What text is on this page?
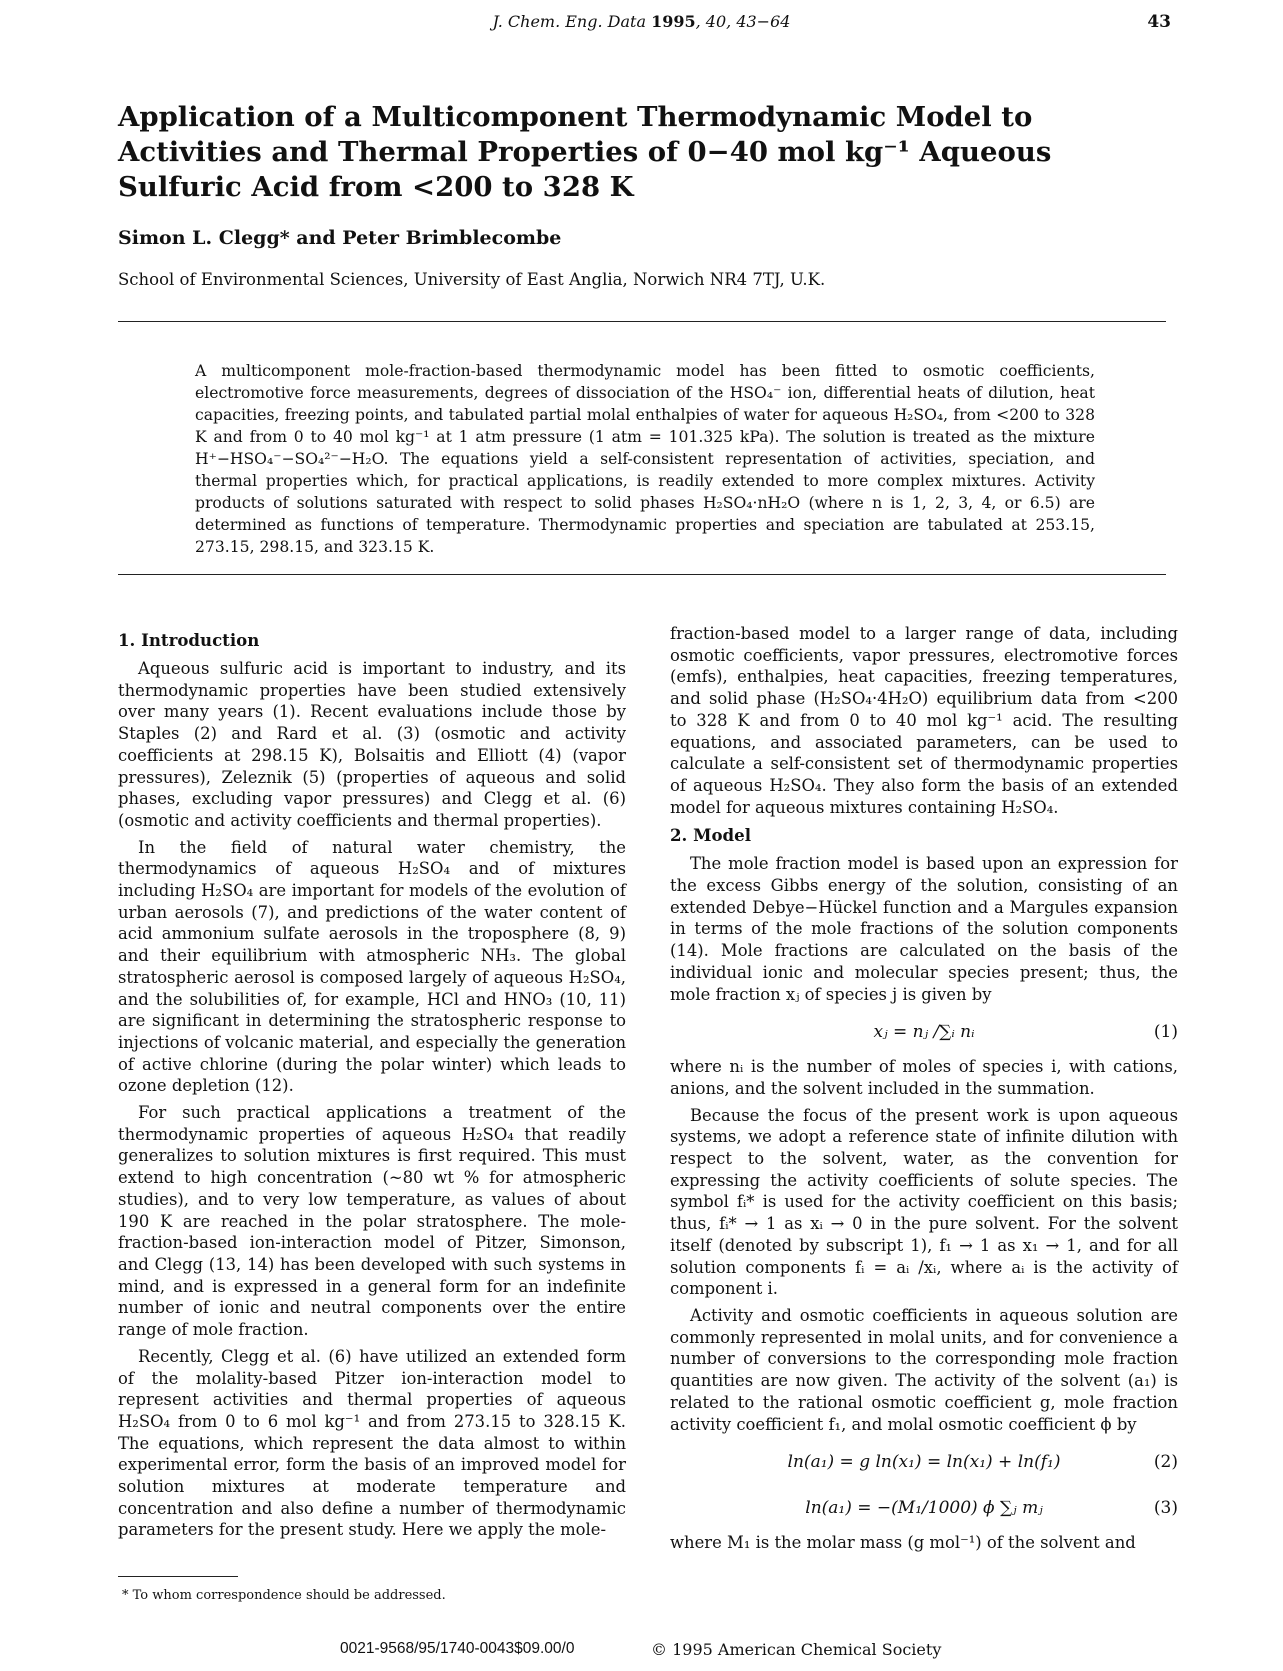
J. Chem. Eng. Data 1995, 40, 43−64	43
Application of a Multicomponent Thermodynamic Model to
Activities and Thermal Properties of 0−40 mol kg⁻¹ Aqueous
Sulfuric Acid from <200 to 328 K
Simon L. Clegg* and Peter Brimblecombe
School of Environmental Sciences, University of East Anglia, Norwich NR4 7TJ, U.K.

A multicomponent mole-fraction-based thermodynamic model has been fitted to osmotic coefficients, electromotive force measurements, degrees of dissociation of the HSO₄⁻ ion, differential heats of dilution, heat capacities, freezing points, and tabulated partial molal enthalpies of water for aqueous H₂SO₄, from <200 to 328 K and from 0 to 40 mol kg⁻¹ at 1 atm pressure (1 atm = 101.325 kPa). The solution is treated as the mixture H⁺−HSO₄⁻−SO₄²⁻−H₂O. The equations yield a self-consistent representation of activities, speciation, and thermal properties which, for practical applications, is readily extended to more complex mixtures. Activity products of solutions saturated with respect to solid phases H₂SO₄·nH₂O (where n is 1, 2, 3, 4, or 6.5) are determined as functions of temperature. Thermodynamic properties and speciation are tabulated at 253.15, 273.15, 298.15, and 323.15 K.

1. Introduction

Aqueous sulfuric acid is important to industry, and its thermodynamic properties have been studied extensively over many years (1). Recent evaluations include those by Staples (2) and Rard et al. (3) (osmotic and activity coefficients at 298.15 K), Bolsaitis and Elliott (4) (vapor pressures), Zeleznik (5) (properties of aqueous and solid phases, excluding vapor pressures) and Clegg et al. (6) (osmotic and activity coefficients and thermal properties).

In the field of natural water chemistry, the thermodynamics of aqueous H₂SO₄ and of mixtures including H₂SO₄ are important for models of the evolution of urban aerosols (7), and predictions of the water content of acid ammonium sulfate aerosols in the troposphere (8, 9) and their equilibrium with atmospheric NH₃. The global stratospheric aerosol is composed largely of aqueous H₂SO₄, and the solubilities of, for example, HCl and HNO₃ (10, 11) are significant in determining the stratospheric response to injections of volcanic material, and especially the generation of active chlorine (during the polar winter) which leads to ozone depletion (12).

For such practical applications a treatment of the thermodynamic properties of aqueous H₂SO₄ that readily generalizes to solution mixtures is first required. This must extend to high concentration (~80 wt % for atmospheric studies), and to very low temperature, as values of about 190 K are reached in the polar stratosphere. The mole-fraction-based ion-interaction model of Pitzer, Simonson, and Clegg (13, 14) has been developed with such systems in mind, and is expressed in a general form for an indefinite number of ionic and neutral components over the entire range of mole fraction.

Recently, Clegg et al. (6) have utilized an extended form of the molality-based Pitzer ion-interaction model to represent activities and thermal properties of aqueous H₂SO₄ from 0 to 6 mol kg⁻¹ and from 273.15 to 328.15 K. The equations, which represent the data almost to within experimental error, form the basis of an improved model for solution mixtures at moderate temperature and concentration and also define a number of thermodynamic parameters for the present study. Here we apply the mole-

fraction-based model to a larger range of data, including osmotic coefficients, vapor pressures, electromotive forces (emfs), enthalpies, heat capacities, freezing temperatures, and solid phase (H₂SO₄·4H₂O) equilibrium data from <200 to 328 K and from 0 to 40 mol kg⁻¹ acid. The resulting equations, and associated parameters, can be used to calculate a self-consistent set of thermodynamic properties of aqueous H₂SO₄. They also form the basis of an extended model for aqueous mixtures containing H₂SO₄.

2. Model

The mole fraction model is based upon an expression for the excess Gibbs energy of the solution, consisting of an extended Debye−Hückel function and a Margules expansion in terms of the mole fractions of the solution components (14). Mole fractions are calculated on the basis of the individual ionic and molecular species present; thus, the mole fraction xⱼ of species j is given by

xⱼ = nⱼ /∑ᵢ nᵢ	(1)

where nᵢ is the number of moles of species i, with cations, anions, and the solvent included in the summation.

Because the focus of the present work is upon aqueous systems, we adopt a reference state of infinite dilution with respect to the solvent, water, as the convention for expressing the activity coefficients of solute species. The symbol fᵢ* is used for the activity coefficient on this basis; thus, fᵢ* → 1 as xᵢ → 0 in the pure solvent. For the solvent itself (denoted by subscript 1), f₁ → 1 as x₁ → 1, and for all solution components fᵢ = aᵢ /xᵢ, where aᵢ is the activity of component i.

Activity and osmotic coefficients in aqueous solution are commonly represented in molal units, and for convenience a number of conversions to the corresponding mole fraction quantities are now given. The activity of the solvent (a₁) is related to the rational osmotic coefficient g, mole fraction activity coefficient f₁, and molal osmotic coefficient ϕ by

ln(a₁) = g ln(x₁) = ln(x₁) + ln(f₁)	(2)
ln(a₁) = −(M₁/1000) ϕ ∑ⱼ mⱼ	(3)

where M₁ is the molar mass (g mol⁻¹) of the solvent and

* To whom correspondence should be addressed.
0021-9568/95/1740-0043$09.00/0	© 1995 American Chemical Society
